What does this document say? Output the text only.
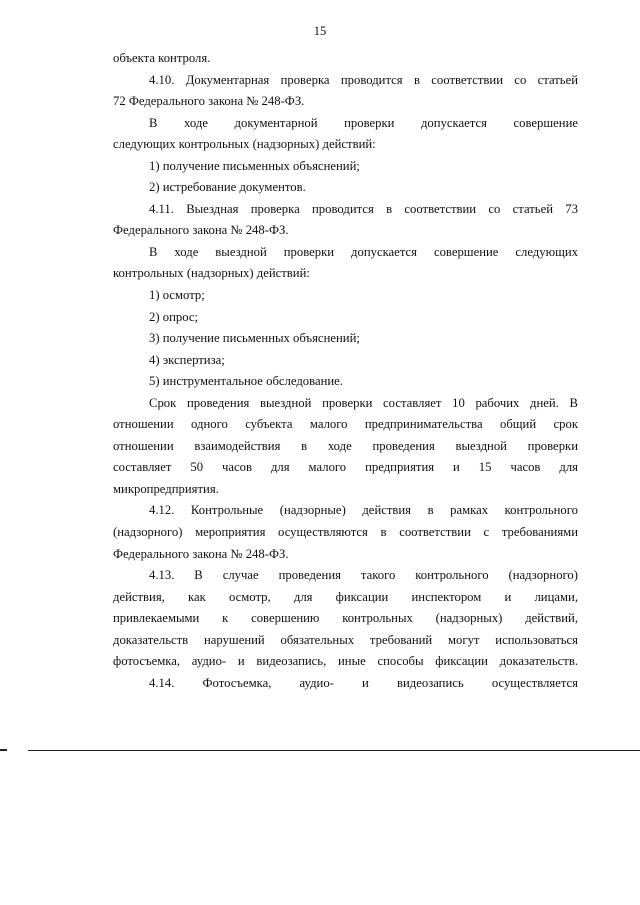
15
объекта контроля.
4.10. Документарная проверка проводится в соответствии со статьей
72 Федерального закона № 248-ФЗ.
В ходе документарной проверки допускается совершение
следующих контрольных (надзорных) действий:
1) получение письменных объяснений;
2) истребование документов.
4.11. Выездная проверка проводится в соответствии со статьей 73
Федерального закона № 248-ФЗ.
В ходе выездной проверки допускается совершение следующих
контрольных (надзорных) действий:
1) осмотр;
2) опрос;
3) получение письменных объяснений;
4) экспертиза;
5) инструментальное обследование.
Срок проведения выездной проверки составляет 10 рабочих дней. В
отношении одного субъекта малого предпринимательства общий срок
отношении взаимодействия в ходе проведения выездной проверки
составляет 50 часов для малого предприятия и 15 часов для
микропредприятия.
4.12. Контрольные (надзорные) действия в рамках контрольного
(надзорного) мероприятия осуществляются в соответствии с требованиями
Федерального закона № 248-ФЗ.
4.13. В случае проведения такого контрольного (надзорного)
действия, как осмотр, для фиксации инспектором и лицами,
привлекаемыми к совершению контрольных (надзорных) действий,
доказательств нарушений обязательных требований могут использоваться
фотосъемка, аудио- и видеозапись, иные способы фиксации доказательств.
4.14. Фотосъемка, аудио- и видеозапись осуществляется
